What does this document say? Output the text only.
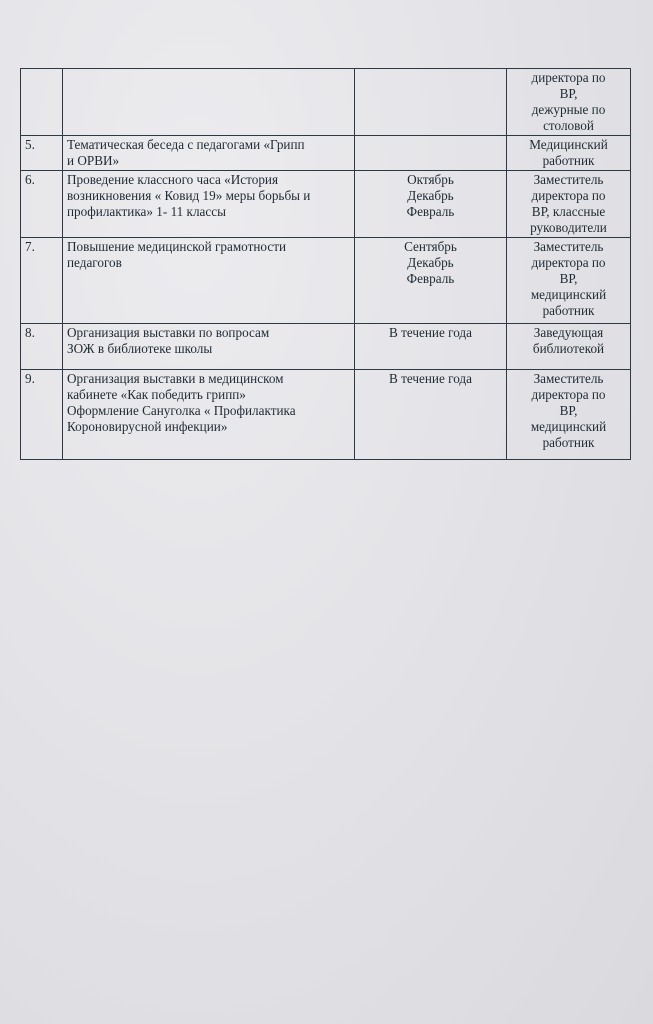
			директора по
ВР,
дежурные по
столовой

5.	Тематическая беседа с педагогами «Грипп
и ОРВИ»		Медицинский
работник

6.	Проведение классного часа «История
возникновения « Ковид 19» меры борьбы и
профилактика» 1- 11 классы	Октябрь
Декабрь
Февраль	Заместитель
директора по
ВР, классные
руководители

7.	Повышение медицинской грамотности
педагогов	Сентябрь
Декабрь
Февраль	Заместитель
директора по
ВР,
медицинский
работник

8.	Организация выставки по вопросам
ЗОЖ в библиотеке школы	В течение года	Заведующая
библиотекой

9.	Организация выставки в медицинском
кабинете «Как победить грипп»
Оформление Сануголка « Профилактика
Короновирусной инфекции»	В течение года	Заместитель
директора по
ВР,
медицинский
работник
